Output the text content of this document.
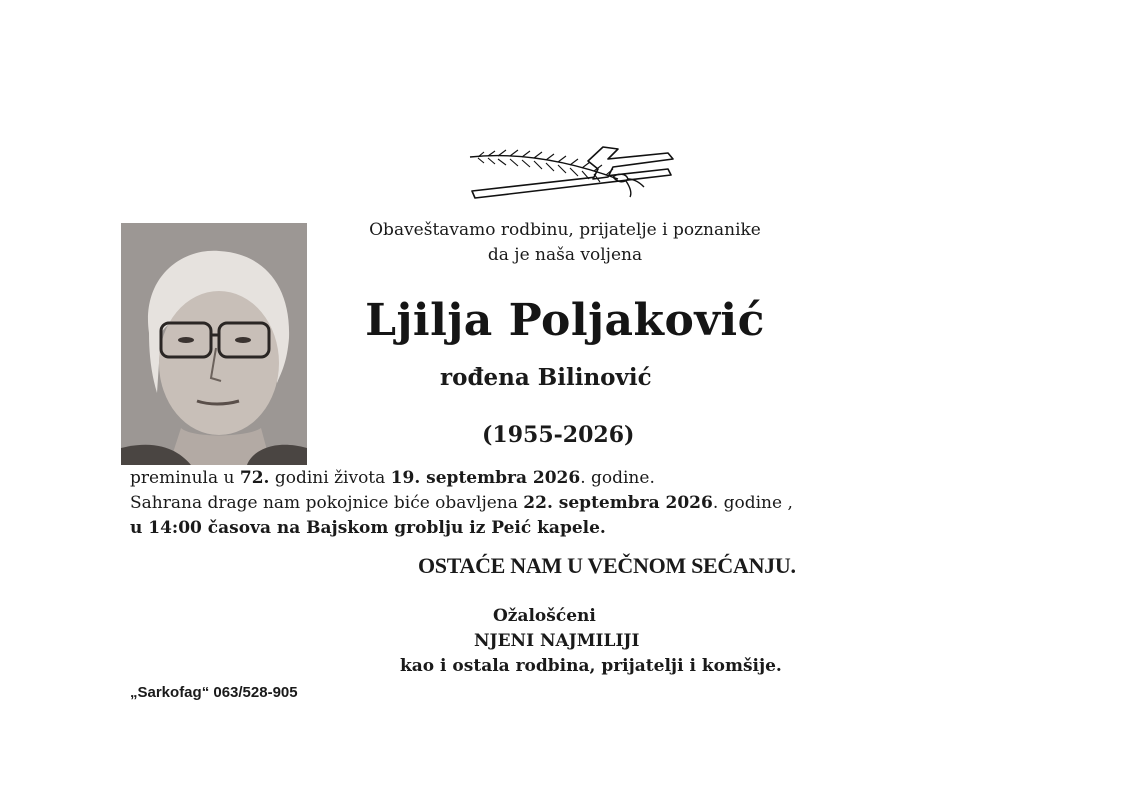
Obaveštavamo rodbinu, prijatelje i poznanike
da je naša voljena
Ljilja Poljaković
rođena Bilinović
(1955-2026)
preminula u 72. godini života 19. septembra 2026. godine.
Sahrana drage nam pokojnice biće obavljena 22. septembra 2026. godine ,
u 14:00 časova na Bajskom groblju iz Peić kapele.
OSTAĆE NAM U VEČNOM SEĆANJU.
Ožalošćeni
NJENI NAJMILIJI
kao i ostala rodbina, prijatelji i komšije.
„Sarkofag“ 063/528-905
